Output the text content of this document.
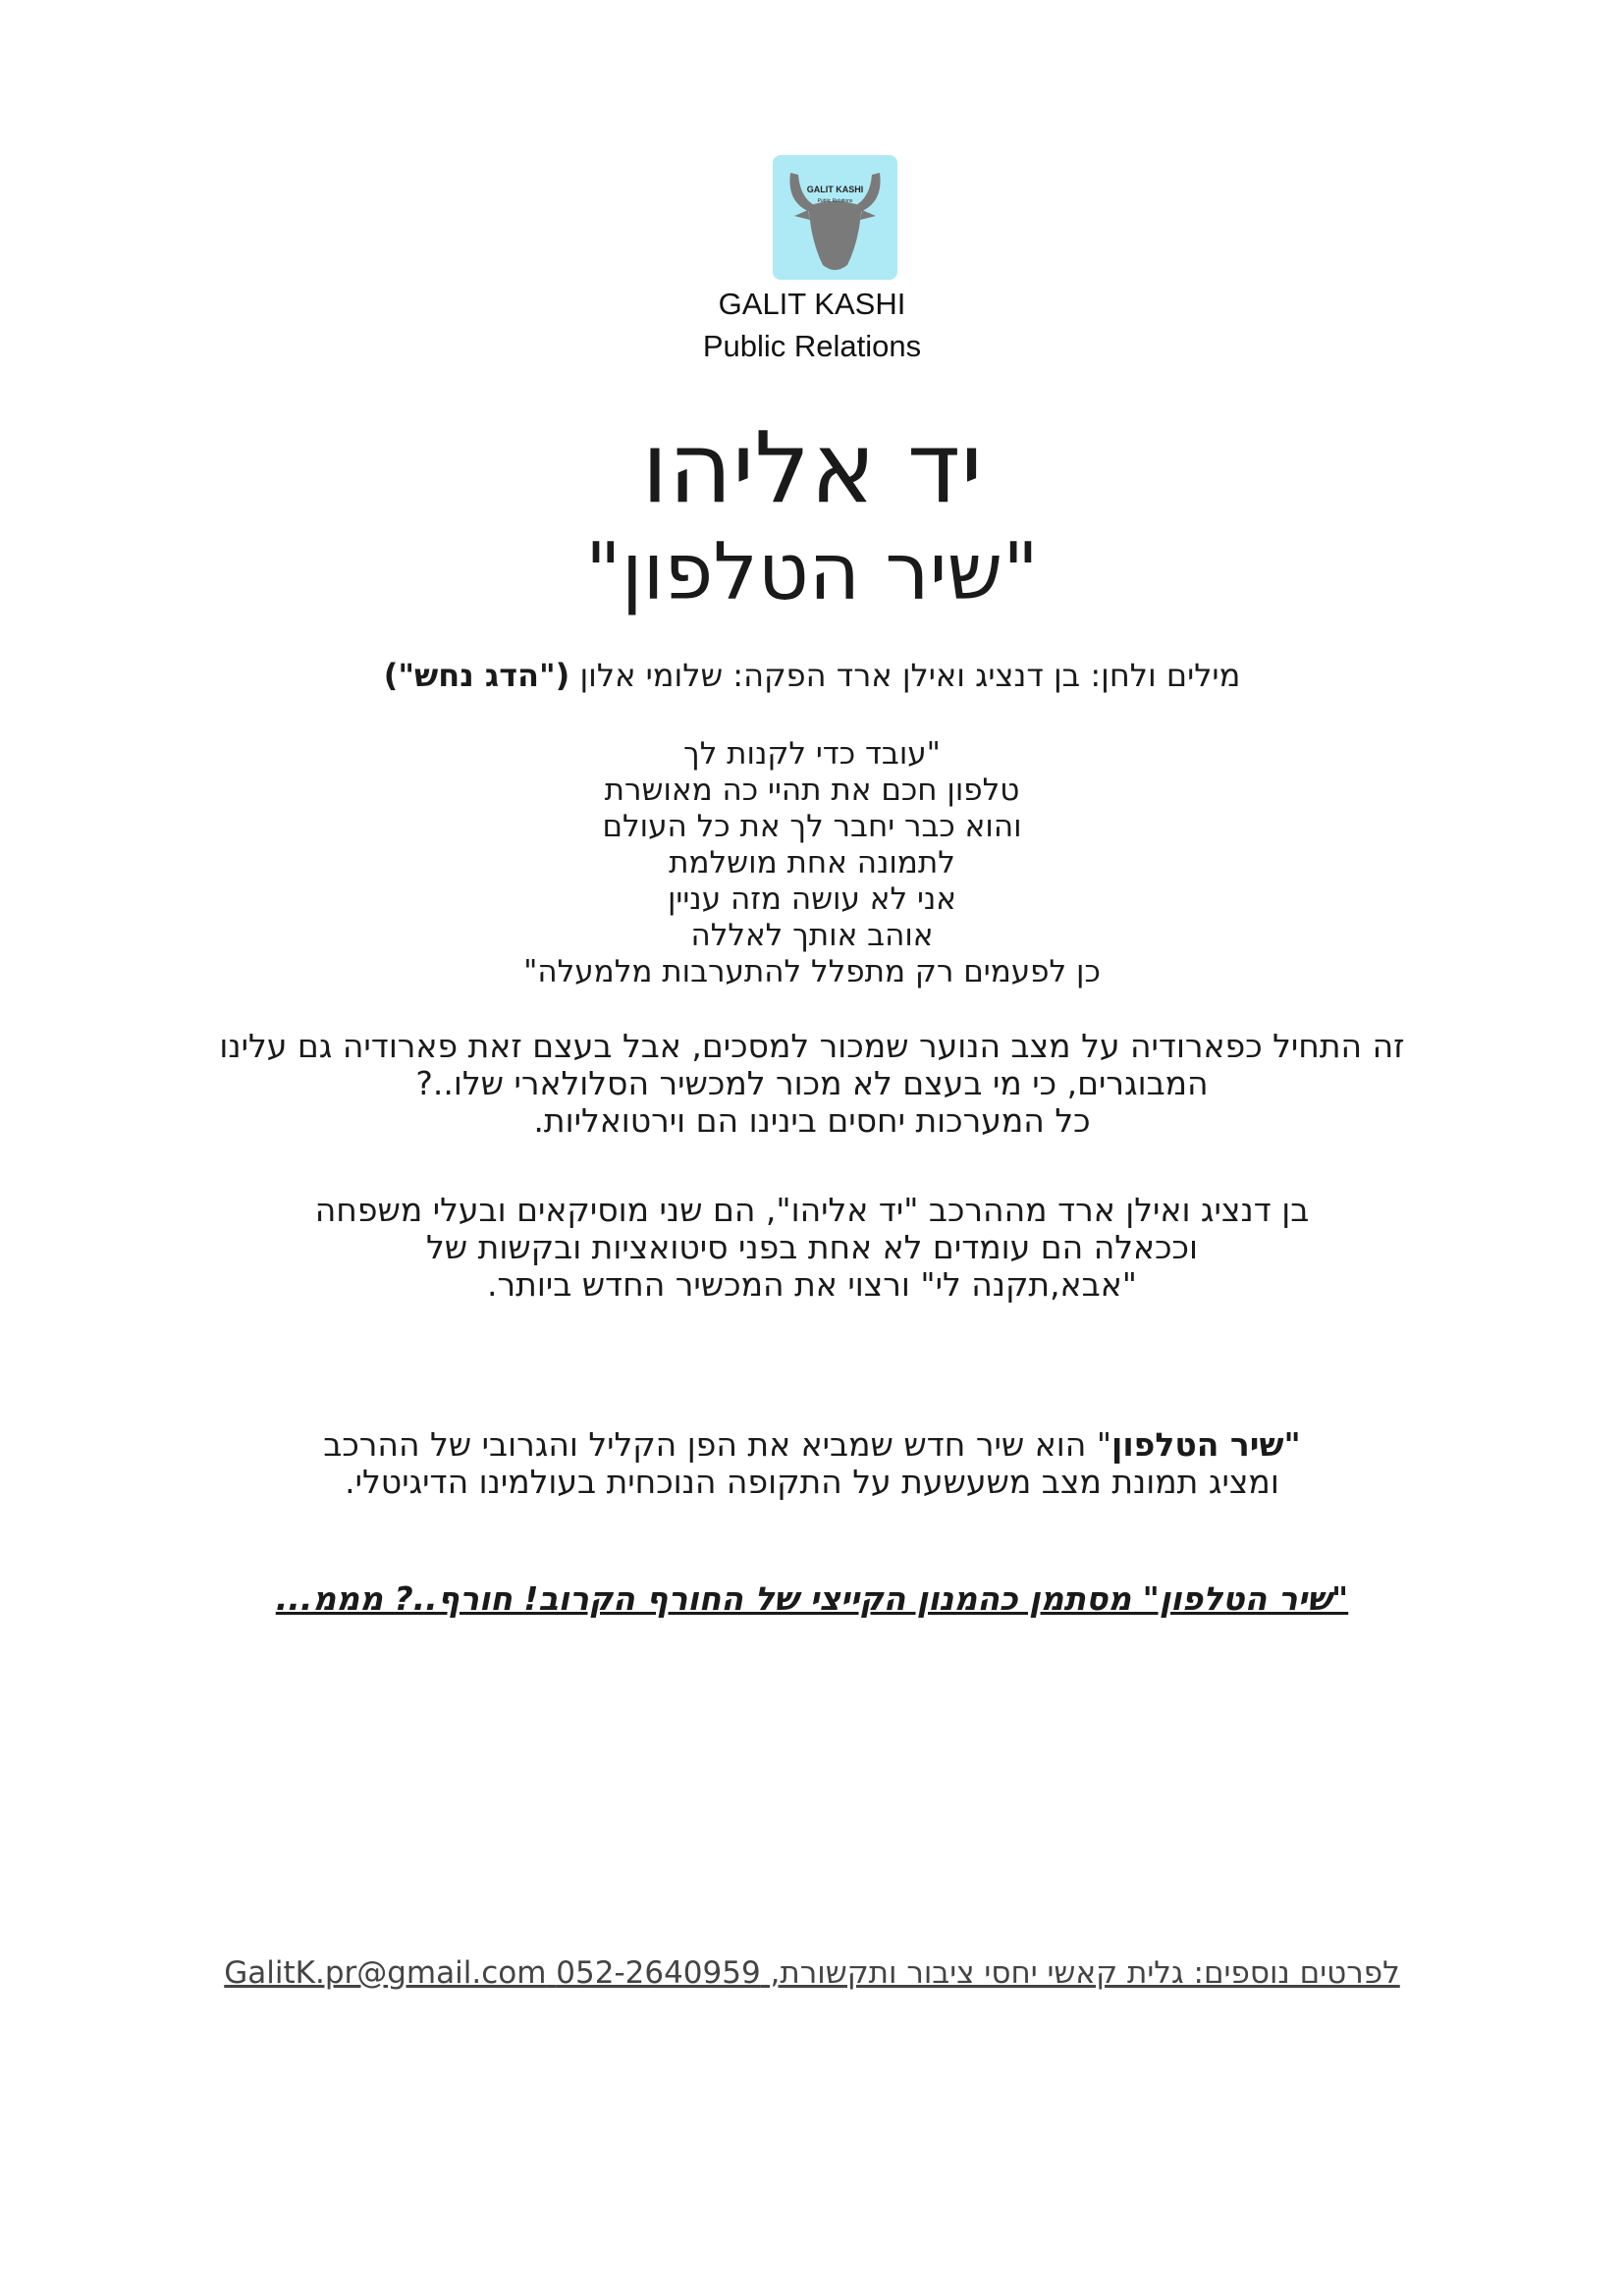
GALIT KASHI
Public Relations
GALIT KASHI
Public Relations
יד אליהו
"שיר הטלפון"
מילים ולחן: בן דנציג ואילן ארד הפקה: שלומי אלון ("הדג נחש")
"עובד כדי לקנות לך
טלפון חכם את תהיי כה מאושרת
והוא כבר יחבר לך את כל העולם
לתמונה אחת מושלמת
אני לא עושה מזה עניין
אוהב אותך לאללה
כן לפעמים רק מתפלל להתערבות מלמעלה"
זה התחיל כפארודיה על מצב הנוער שמכור למסכים, אבל בעצם זאת פארודיה גם עלינו
המבוגרים, כי מי בעצם לא מכור למכשיר הסלולארי שלו..?
כל המערכות יחסים בינינו הם וירטואליות.
בן דנציג ואילן ארד מההרכב "יד אליהו", הם שני מוסיקאים ובעלי משפחה
וככאלה הם עומדים לא אחת בפני סיטואציות ובקשות של
"אבא,תקנה לי" ורצוי את המכשיר החדש ביותר.
"שיר הטלפון" הוא שיר חדש שמביא את הפן הקליל והגרובי של ההרכב
ומציג תמונת מצב משעשעת על התקופה הנוכחית בעולמינו הדיגיטלי.
"שיר הטלפון" מסתמן כהמנון הקייצי של החורף הקרוב! חורף..? מממ...
לפרטים נוספים: גלית קאשי יחסי ציבור ותקשורת, 052-2640959 GalitK.pr@gmail.com
